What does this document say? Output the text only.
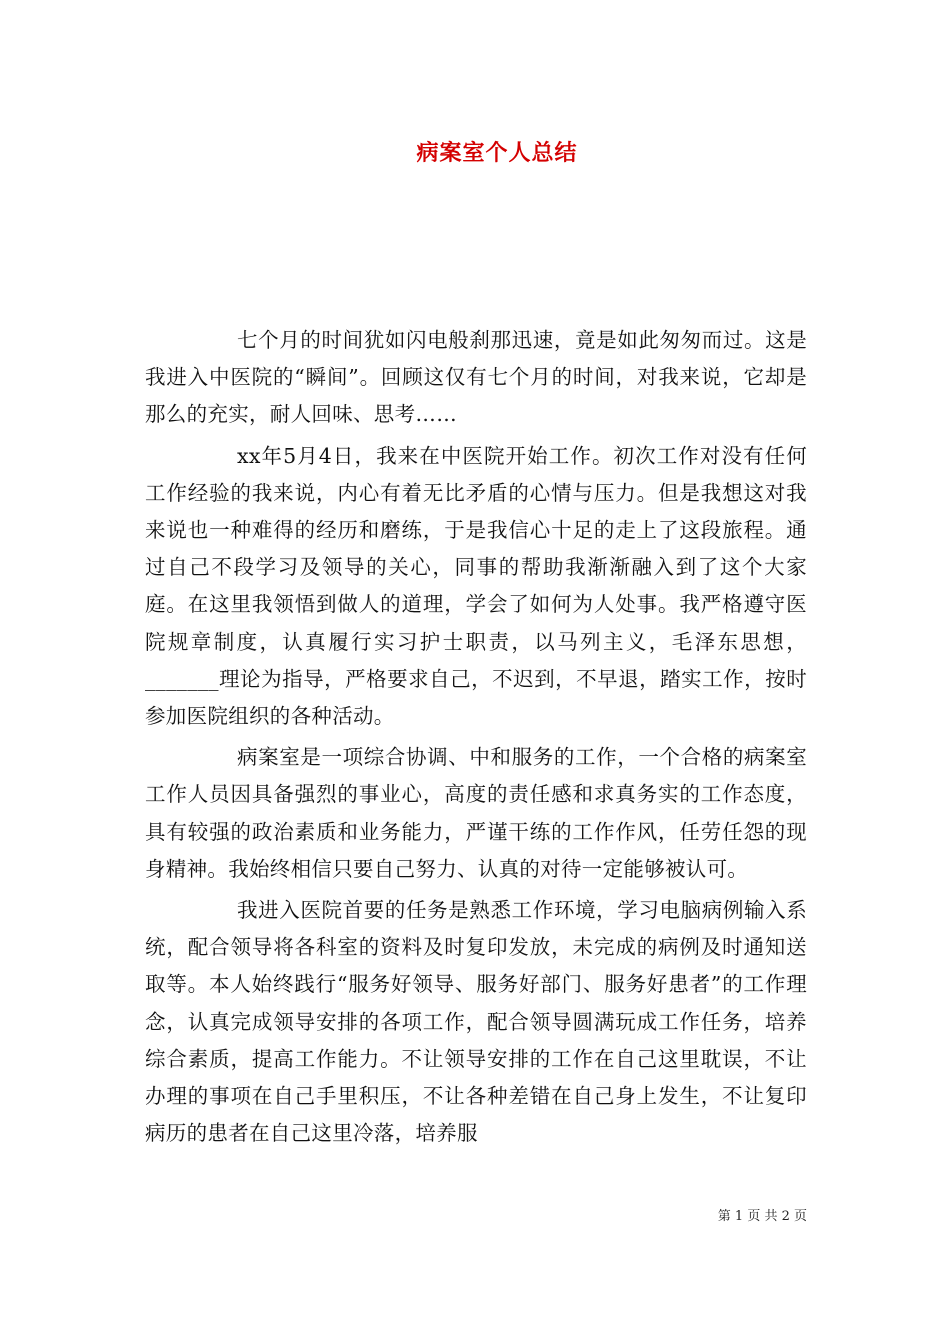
病案室个人总结

七个月的时间犹如闪电般刹那迅速，竟是如此匆匆而过。这是我进入中医院的“瞬间”。回顾这仅有七个月的时间，对我来说，它却是那么的充实，耐人回味、思考……

xx年5月4日，我来在中医院开始工作。初次工作对没有任何工作经验的我来说，内心有着无比矛盾的心情与压力。但是我想这对我来说也一种难得的经历和磨练，于是我信心十足的走上了这段旅程。通过自己不段学习及领导的关心，同事的帮助我渐渐融入到了这个大家庭。在这里我领悟到做人的道理，学会了如何为人处事。我严格遵守医院规章制度，认真履行实习护士职责，以马列主义，毛泽东思想，_______理论为指导，严格要求自己，不迟到，不早退，踏实工作，按时参加医院组织的各种活动。

病案室是一项综合协调、中和服务的工作，一个合格的病案室工作人员因具备强烈的事业心，高度的责任感和求真务实的工作态度，具有较强的政治素质和业务能力，严谨干练的工作作风，任劳任怨的现身精神。我始终相信只要自己努力、认真的对待一定能够被认可。

我进入医院首要的任务是熟悉工作环境，学习电脑病例输入系统，配合领导将各科室的资料及时复印发放，未完成的病例及时通知送取等。本人始终践行“服务好领导、服务好部门、服务好患者”的工作理念，认真完成领导安排的各项工作，配合领导圆满玩成工作任务，培养综合素质，提高工作能力。不让领导安排的工作在自己这里耽误，不让办理的事项在自己手里积压，不让各种差错在自己身上发生，不让复印病历的患者在自己这里冷落，培养服

第 1 页 共 2 页
